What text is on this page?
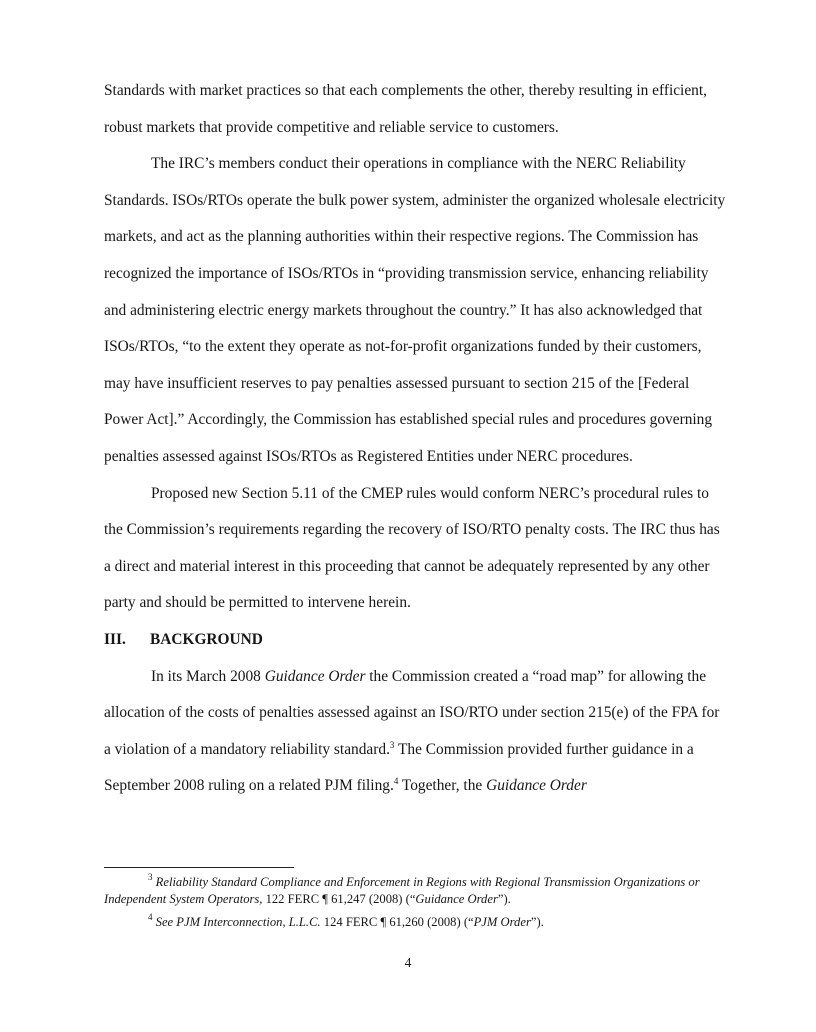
Standards with market practices so that each complements the other, thereby resulting in efficient, robust markets that provide competitive and reliable service to customers.

The IRC’s members conduct their operations in compliance with the NERC Reliability Standards. ISOs/RTOs operate the bulk power system, administer the organized wholesale electricity markets, and act as the planning authorities within their respective regions. The Commission has recognized the importance of ISOs/RTOs in “providing transmission service, enhancing reliability and administering electric energy markets throughout the country.” It has also acknowledged that ISOs/RTOs, “to the extent they operate as not-for-profit organizations funded by their customers, may have insufficient reserves to pay penalties assessed pursuant to section 215 of the [Federal Power Act].” Accordingly, the Commission has established special rules and procedures governing penalties assessed against ISOs/RTOs as Registered Entities under NERC procedures.

Proposed new Section 5.11 of the CMEP rules would conform NERC’s procedural rules to the Commission’s requirements regarding the recovery of ISO/RTO penalty costs. The IRC thus has a direct and material interest in this proceeding that cannot be adequately represented by any other party and should be permitted to intervene herein.

III. BACKGROUND

In its March 2008 Guidance Order the Commission created a “road map” for allowing the allocation of the costs of penalties assessed against an ISO/RTO under section 215(e) of the FPA for a violation of a mandatory reliability standard.$^3$ The Commission provided further guidance in a September 2008 ruling on a related PJM filing.$^4$ Together, the Guidance Order

$^3$ Reliability Standard Compliance and Enforcement in Regions with Regional Transmission Organizations or Independent System Operators, 122 FERC ¶ 61,247 (2008) (“Guidance Order”).

$^4$ See PJM Interconnection, L.L.C. 124 FERC ¶ 61,260 (2008) (“PJM Order”).

4
